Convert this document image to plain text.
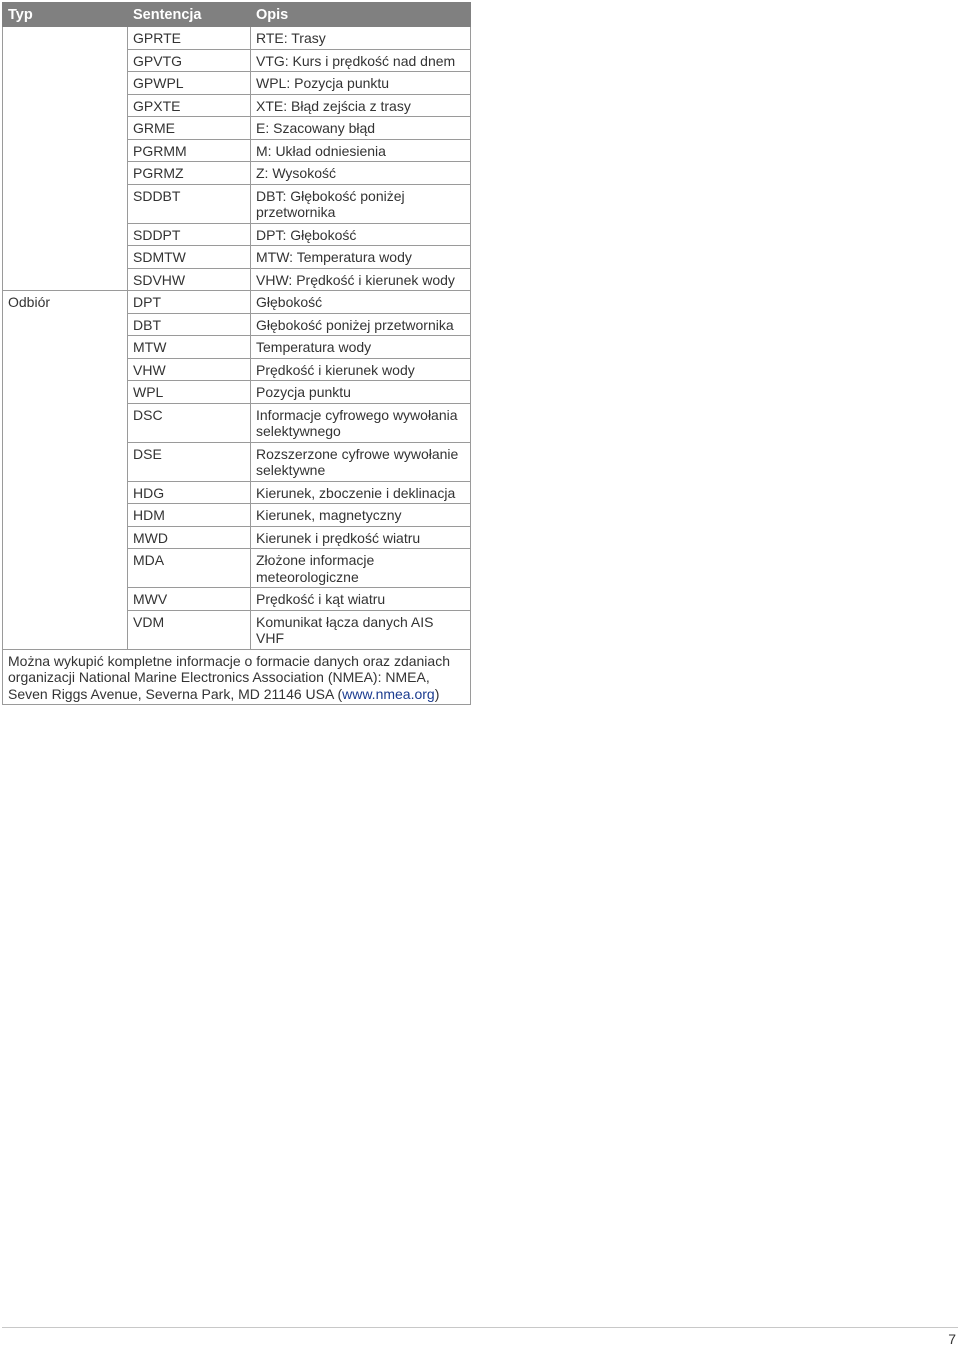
Typ	Sentencja	Opis
	GPRTE	RTE: Trasy
	GPVTG	VTG: Kurs i prędkość nad dnem
	GPWPL	WPL: Pozycja punktu
	GPXTE	XTE: Błąd zejścia z trasy
	GRME	E: Szacowany błąd
	PGRMM	M: Układ odniesienia
	PGRMZ	Z: Wysokość
	SDDBT	DBT: Głębokość poniżej przetwornika
	SDDPT	DPT: Głębokość
	SDMTW	MTW: Temperatura wody
	SDVHW	VHW: Prędkość i kierunek wody
Odbiór	DPT	Głębokość
	DBT	Głębokość poniżej przetwornika
	MTW	Temperatura wody
	VHW	Prędkość i kierunek wody
	WPL	Pozycja punktu
	DSC	Informacje cyfrowego wywołania selektywnego
	DSE	Rozszerzone cyfrowe wywołanie selektywne
	HDG	Kierunek, zboczenie i deklinacja
	HDM	Kierunek, magnetyczny
	MWD	Kierunek i prędkość wiatru
	MDA	Złożone informacje meteorologiczne
	MWV	Prędkość i kąt wiatru
	VDM	Komunikat łącza danych AIS VHF
Można wykupić kompletne informacje o formacie danych oraz zdaniach organizacji National Marine Electronics Association (NMEA): NMEA, Seven Riggs Avenue, Severna Park, MD 21146 USA (www.nmea.org)		
7
